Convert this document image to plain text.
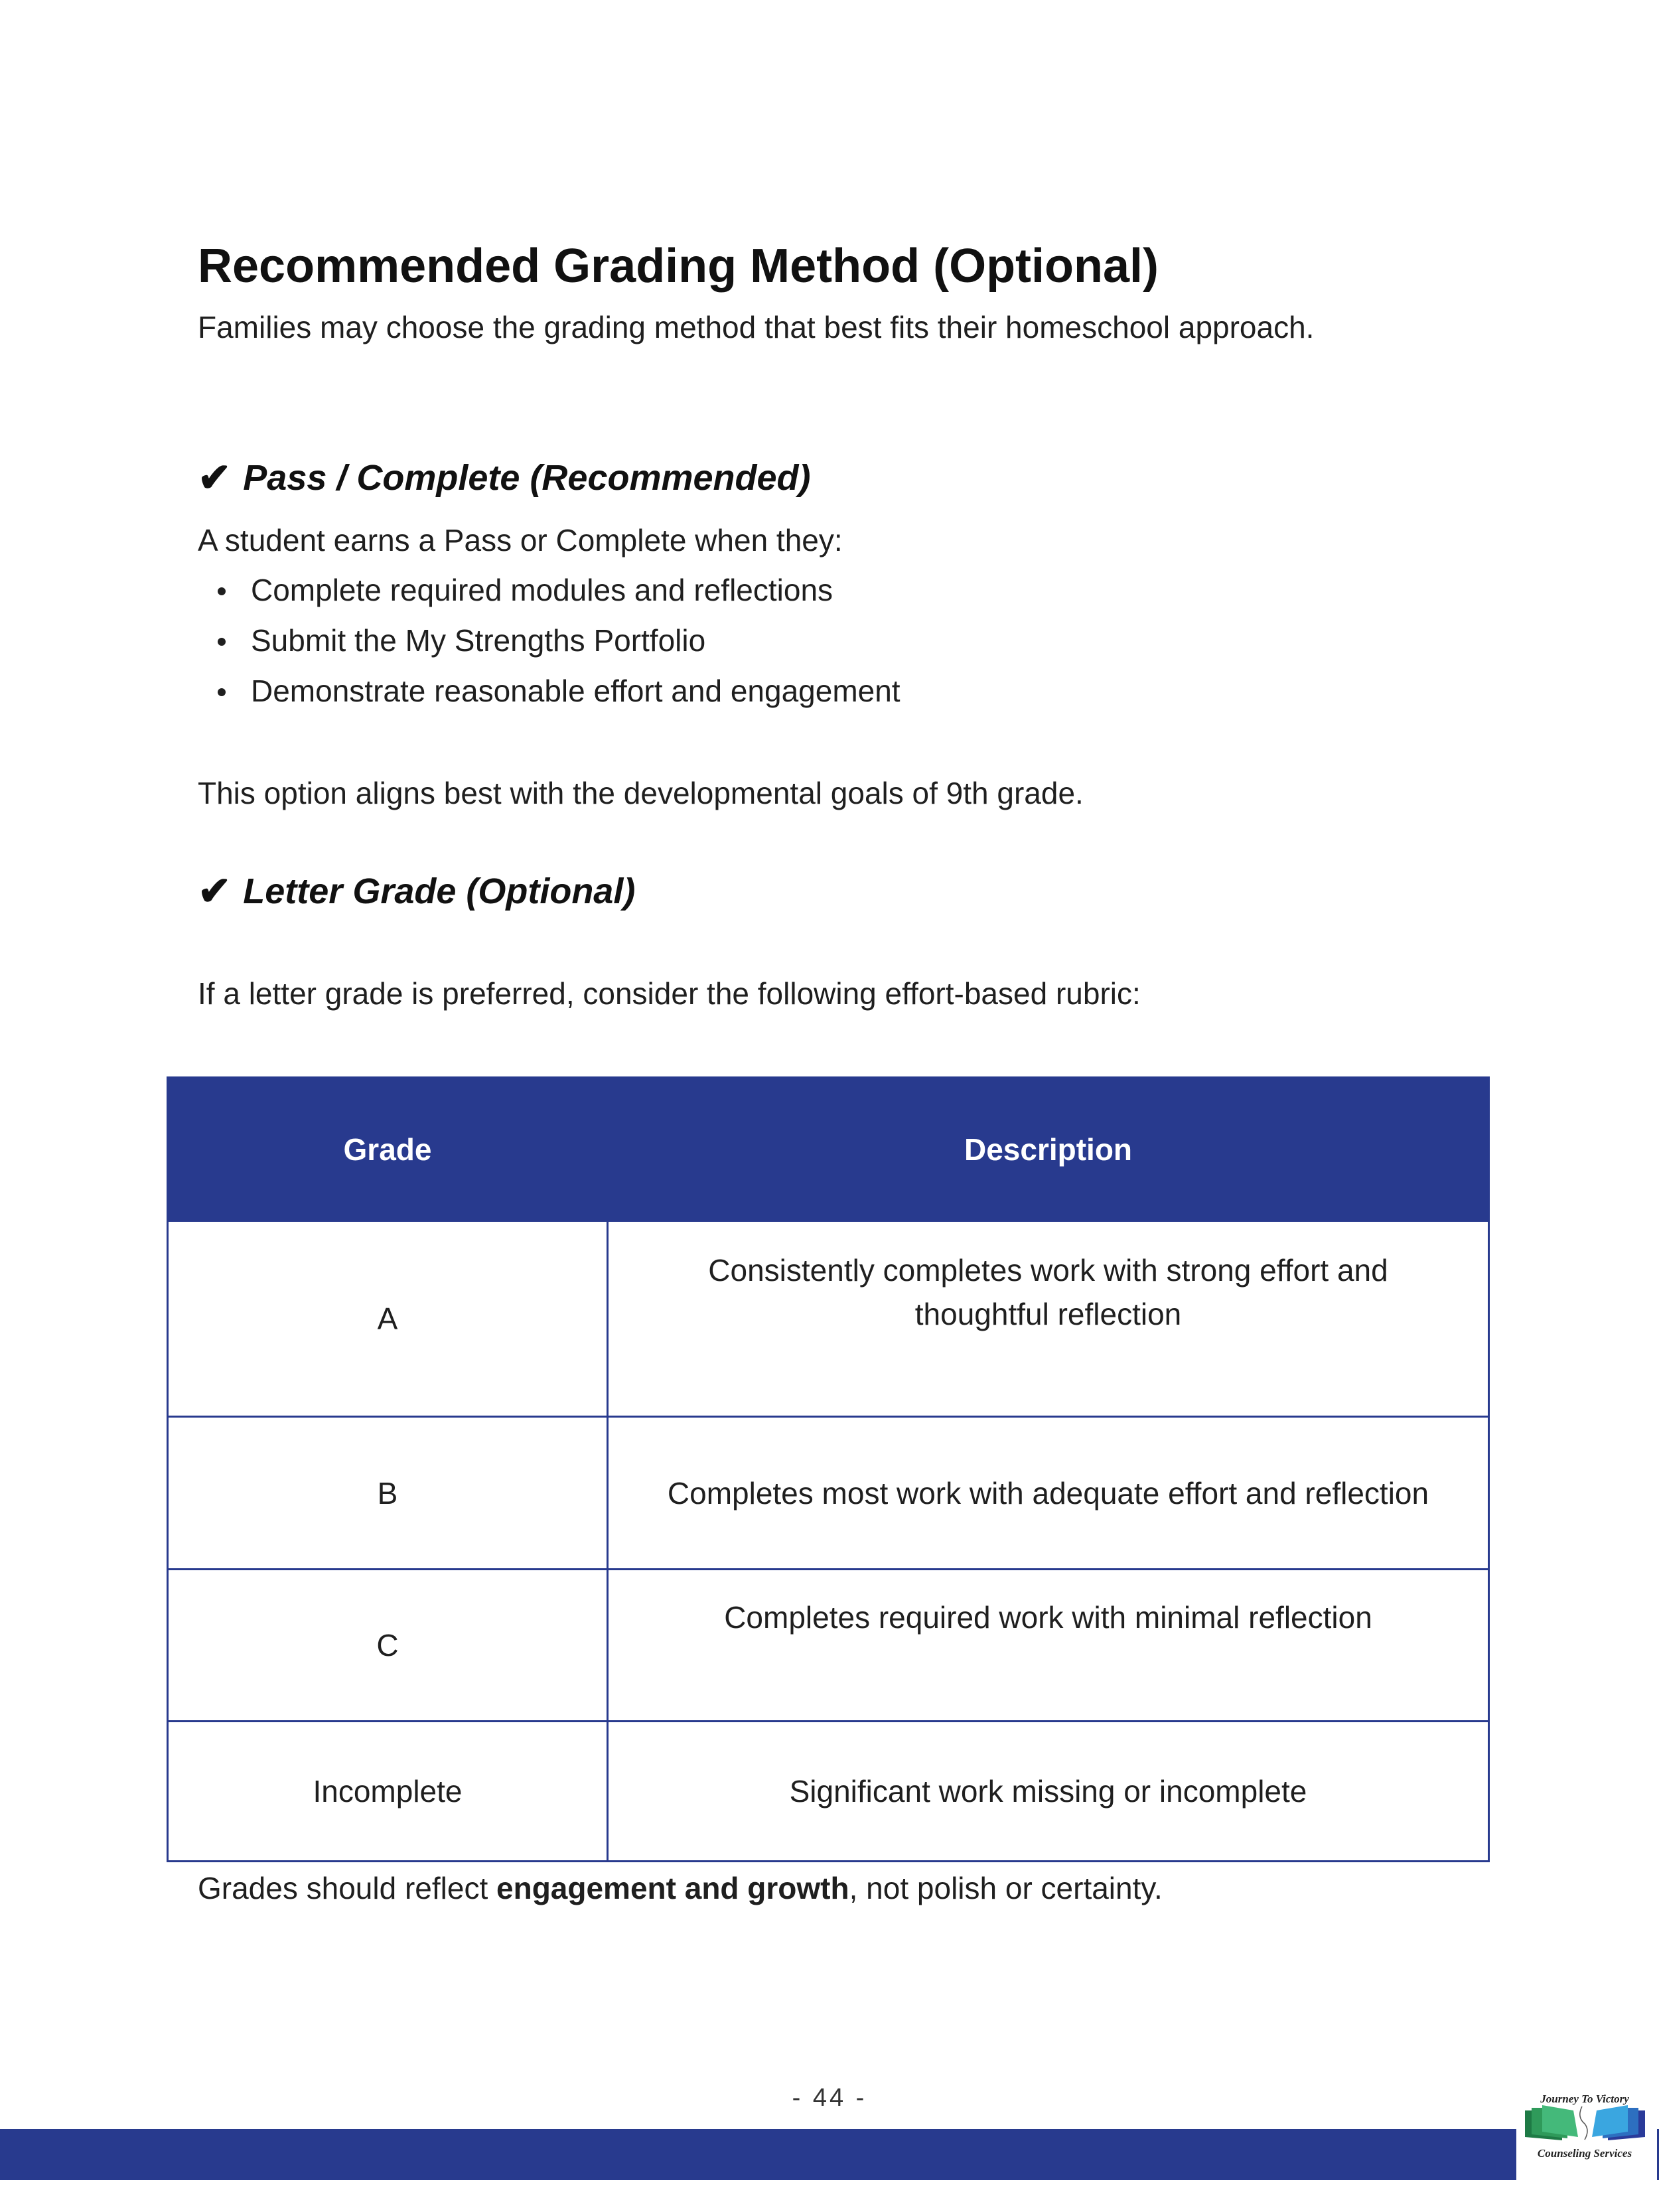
Recommended Grading Method (Optional)
Families may choose the grading method that best fits their homeschool approach.
✔ Pass / Complete (Recommended)
A student earns a Pass or Complete when they:
Complete required modules and reflections
Submit the My Strengths Portfolio
Demonstrate reasonable effort and engagement
This option aligns best with the developmental goals of 9th grade.
✔ Letter Grade (Optional)
If a letter grade is preferred, consider the following effort-based rubric:
Grade	Description
A	Consistently completes work with strong effort and thoughtful reflection
B	Completes most work with adequate effort and reflection
C	Completes required work with minimal reflection
Incomplete	Significant work missing or incomplete
Grades should reflect engagement and growth, not polish or certainty.
- 44 -	Journey To Victory
Counseling Services
